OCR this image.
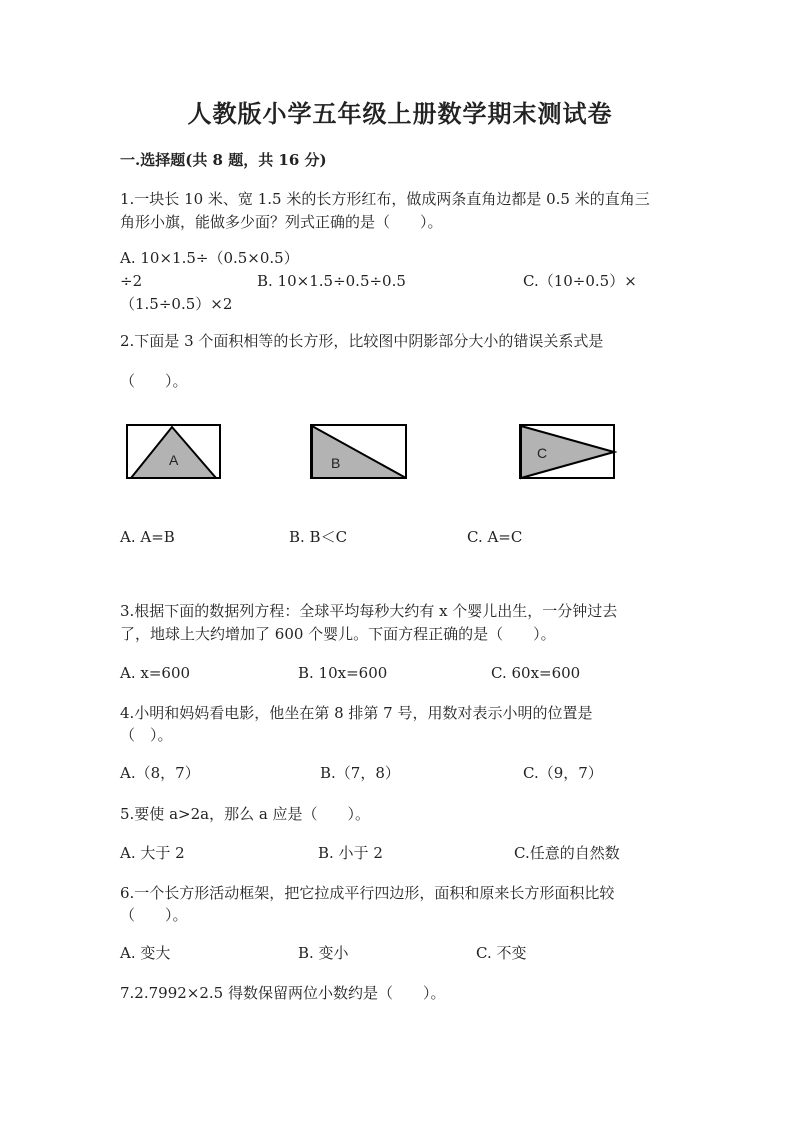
人教版小学五年级上册数学期末测试卷
一.选择题(共 8 题，共 16 分)
1.一块长 10 米、宽 1.5 米的长方形红布，做成两条直角边都是 0.5 米的直角三
角形小旗，能做多少面？列式正确的是（　　）。
A. 10×1.5÷（0.5×0.5）
÷2	B. 10×1.5÷0.5÷0.5	C.（10÷0.5）×
（1.5÷0.5）×2
2.下面是 3 个面积相等的长方形，比较图中阴影部分大小的错误关系式是
（　　）。
A	B
C
A. A=B	B. B＜C	C. A=C
3.根据下面的数据列方程：全球平均每秒大约有 x 个婴儿出生，一分钟过去
了，地球上大约增加了 600 个婴儿。下面方程正确的是（　　）。
A. x=600	B. 10x=600	C. 60x=600
4.小明和妈妈看电影，他坐在第 8 排第 7 号，用数对表示小明的位置是
（　）。
A.（8，7）	B.（7，8）	C.（9，7）
5.要使 a>2a，那么 a 应是（　　）。
A. 大于 2	B. 小于 2	C.任意的自然数
6.一个长方形活动框架，把它拉成平行四边形，面积和原来长方形面积比较
（　　）。
A. 变大	B. 变小	C. 不变
7.2.7992×2.5 得数保留两位小数约是（　　）。
